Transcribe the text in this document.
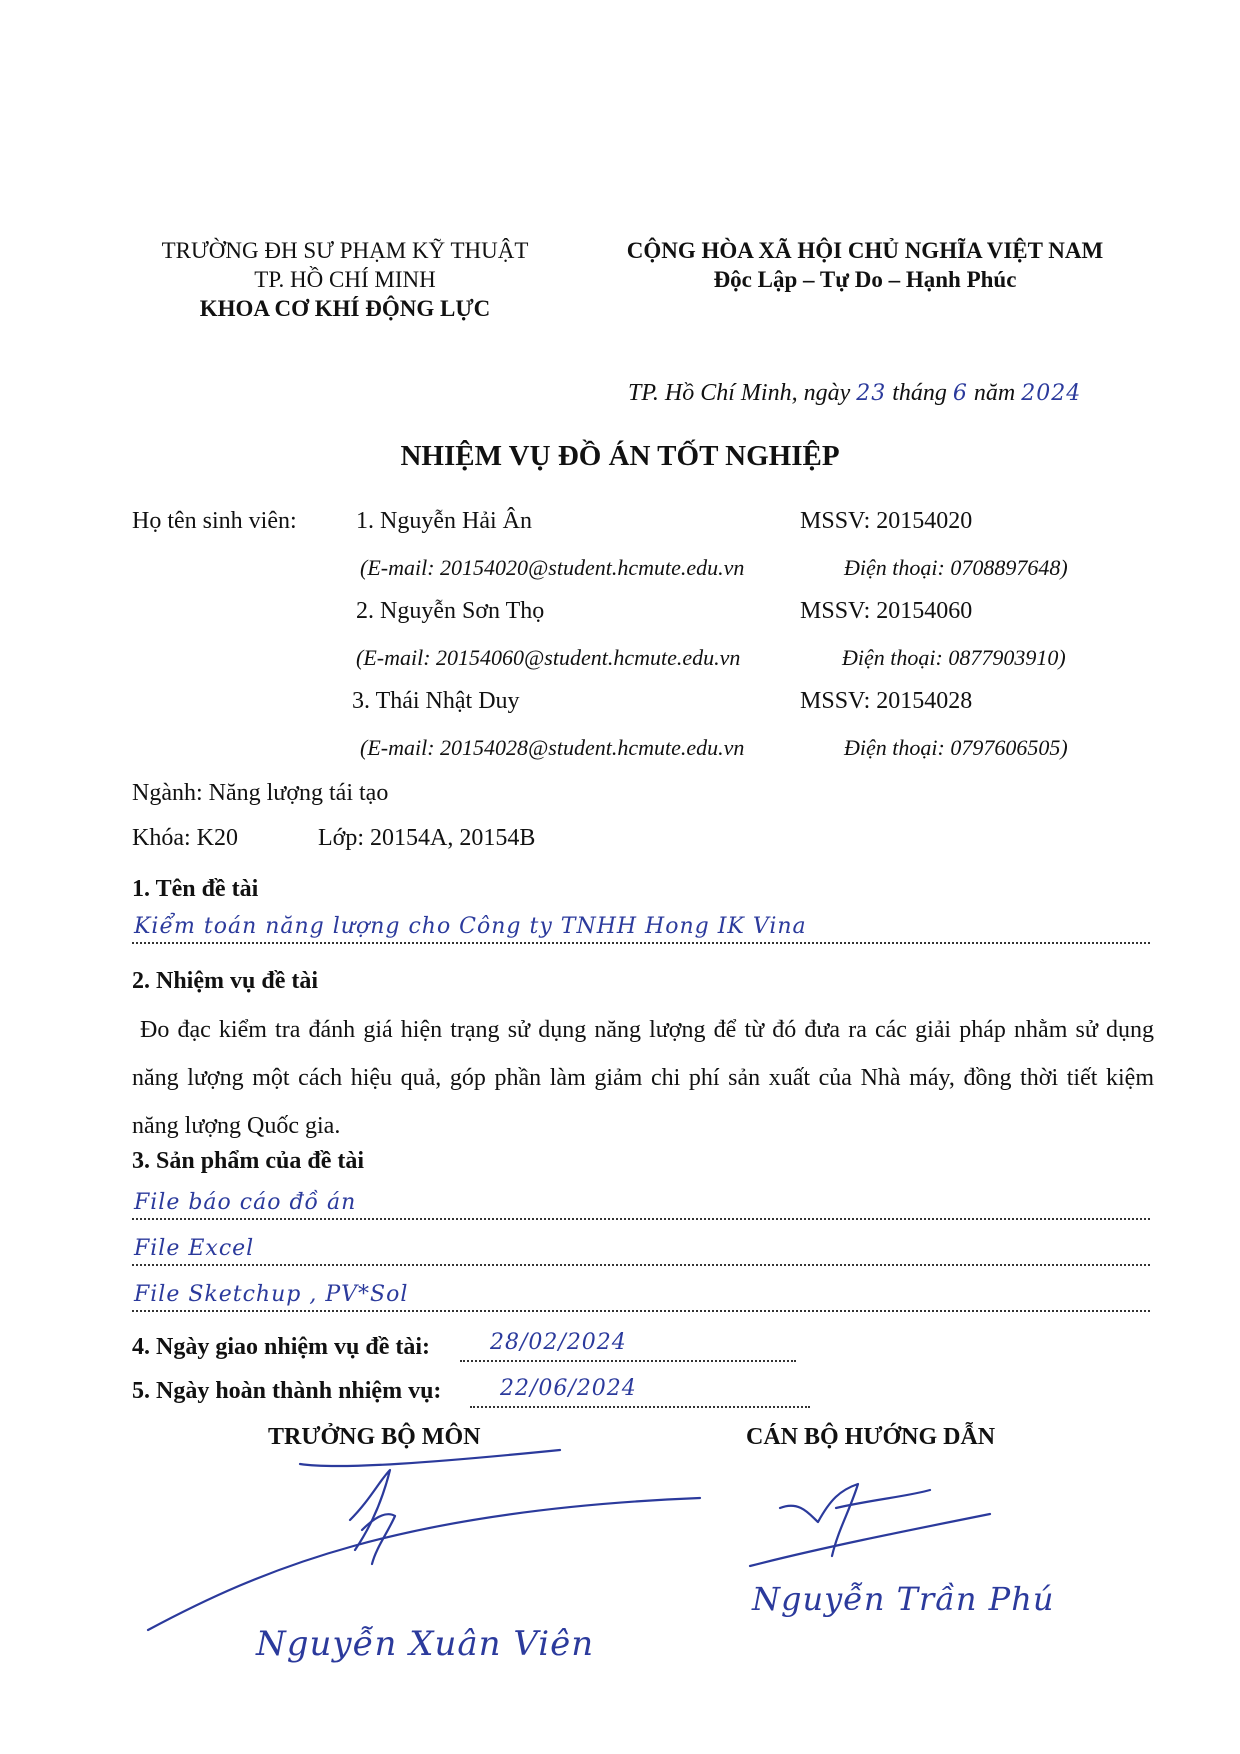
TRƯỜNG ĐH SƯ PHẠM KỸ THUẬT
TP. HỒ CHÍ MINH
KHOA CƠ KHÍ ĐỘNG LỰC
CỘNG HÒA XÃ HỘI CHỦ NGHĨA VIỆT NAM
Độc Lập – Tự Do – Hạnh Phúc
TP. Hồ Chí Minh, ngày 23 tháng 6 năm 2024
NHIỆM VỤ ĐỒ ÁN TỐT NGHIỆP
Họ tên sinh viên: 1. Nguyễn Hải Ân	MSSV: 20154020
(E-mail: 20154020@student.hcmute.edu.vn	Điện thoại: 0708897648)
2. Nguyễn Sơn Thọ	MSSV: 20154060
(E-mail: 20154060@student.hcmute.edu.vn	Điện thoại: 0877903910)
3. Thái Nhật Duy	MSSV: 20154028
(E-mail: 20154028@student.hcmute.edu.vn	Điện thoại: 0797606505)
Ngành: Năng lượng tái tạo
Khóa: K20	Lớp: 20154A, 20154B
1. Tên đề tài
Kiểm toán năng lượng cho Công ty TNHH Hong IK Vina
2. Nhiệm vụ đề tài
Đo đạc kiểm tra đánh giá hiện trạng sử dụng năng lượng để từ đó đưa ra các giải pháp nhằm sử dụng năng lượng một cách hiệu quả, góp phần làm giảm chi phí sản xuất của Nhà máy, đồng thời tiết kiệm năng lượng Quốc gia.
3. Sản phẩm của đề tài
File báo cáo đồ án
File Excel
File Sketchup , PV*Sol
4. Ngày giao nhiệm vụ đề tài:	28/02/2024
5. Ngày hoàn thành nhiệm vụ:	22/06/2024
TRƯỞNG BỘ MÔN	CÁN BỘ HƯỚNG DẪN
Nguyễn Xuân Viên
Nguyễn Trần Phú
